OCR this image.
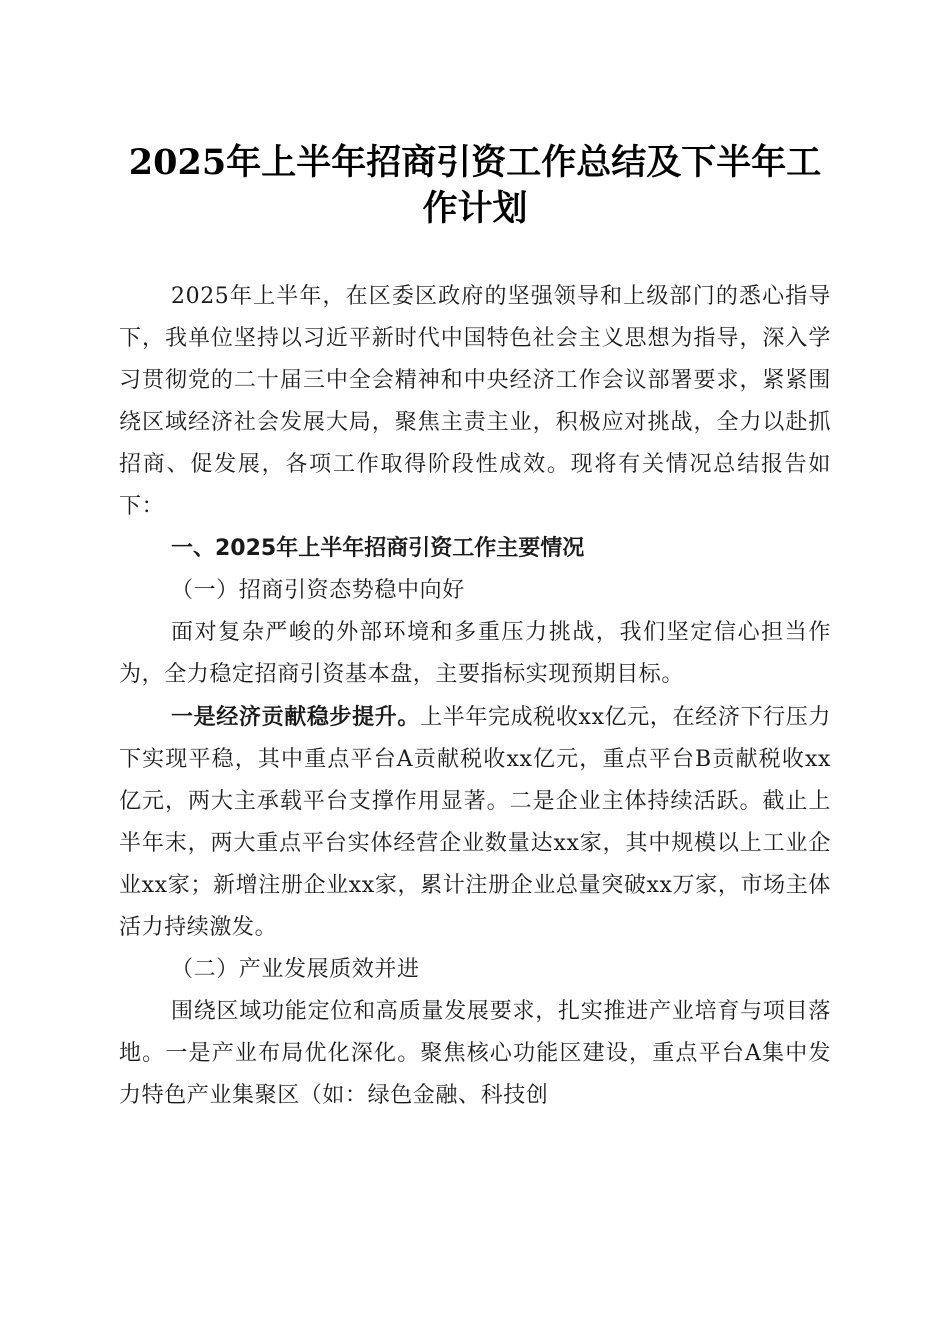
2025年上半年招商引资工作总结及下半年工
作计划

2025年上半年，在区委区政府的坚强领导和上级部门的悉心指导下，我单位坚持以习近平新时代中国特色社会主义思想为指导，深入学习贯彻党的二十届三中全会精神和中央经济工作会议部署要求，紧紧围绕区域经济社会发展大局，聚焦主责主业，积极应对挑战，全力以赴抓招商、促发展，各项工作取得阶段性成效。现将有关情况总结报告如下：

一、2025年上半年招商引资工作主要情况

（一）招商引资态势稳中向好

面对复杂严峻的外部环境和多重压力挑战，我们坚定信心担当作为，全力稳定招商引资基本盘，主要指标实现预期目标。

一是经济贡献稳步提升。上半年完成税收xx亿元，在经济下行压力下实现平稳，其中重点平台A贡献税收xx亿元，重点平台B贡献税收xx亿元，两大主承载平台支撑作用显著。二是企业主体持续活跃。截止上半年末，两大重点平台实体经营企业数量达xx家，其中规模以上工业企业xx家；新增注册企业xx家，累计注册企业总量突破xx万家，市场主体活力持续激发。

（二）产业发展质效并进

围绕区域功能定位和高质量发展要求，扎实推进产业培育与项目落地。一是产业布局优化深化。聚焦核心功能区建设，重点平台A集中发力特色产业集聚区（如：绿色金融、科技创
